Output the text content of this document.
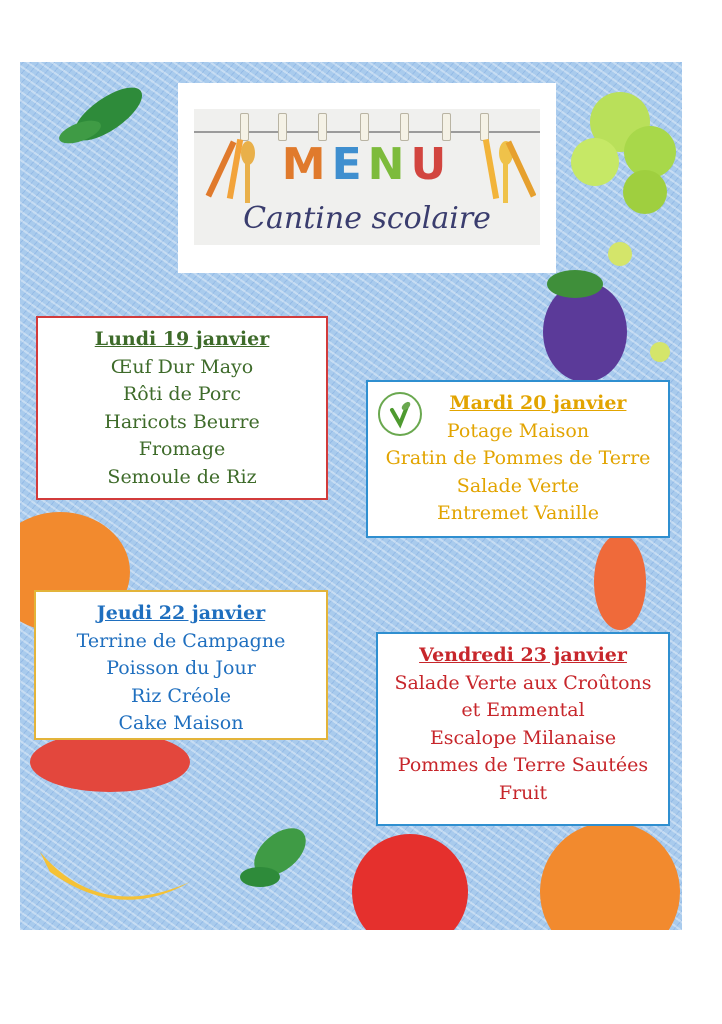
MENU
Cantine scolaire
Lundi 19 janvier
Œuf Dur Mayo
Rôti de Porc
Haricots Beurre
Fromage
Semoule de Riz
Mardi 20 janvier
Potage Maison
Gratin de Pommes de Terre
Salade Verte
Entremet Vanille
Jeudi 22 janvier
Terrine de Campagne
Poisson du Jour
Riz Créole
Cake Maison
Vendredi 23 janvier
Salade Verte aux Croûtons
et Emmental
Escalope Milanaise
Pommes de Terre Sautées
Fruit
